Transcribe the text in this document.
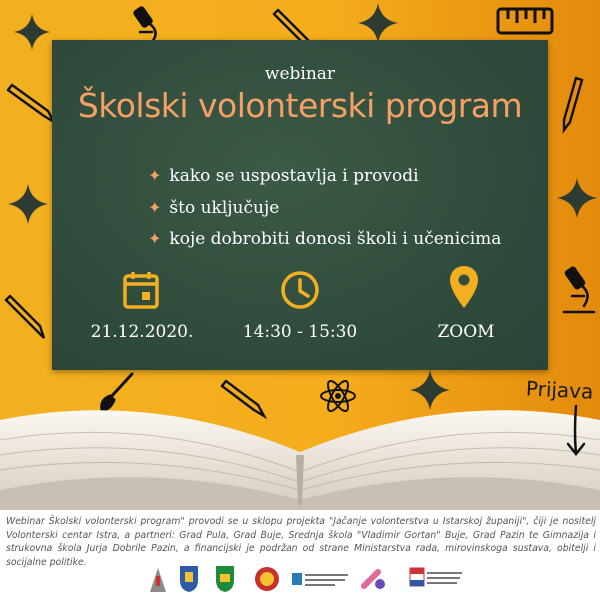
webinar
Školski volonterski program
✦ kako se uspostavlja i provodi
✦ što uključuje
✦ koje dobrobiti donosi školi i učenicima
21.12.2020.	14:30 - 15:30	ZOOM
Prijava
Webinar Školski volonterski program" provodi se u sklopu projekta "Jačanje volonterstva u Istarskoj županiji", čiji je nositelj Volonterski centar Istra, a partneri: Grad Pula, Grad Buje, Srednja škola "Vladimir Gortan" Buje, Grad Pazin te Gimnazija i strukovna škola Jurja Dobrile Pazin, a financijski je podržan od strane Ministarstva rada, mirovinskoga sustava, obitelji i socijalne politike.
